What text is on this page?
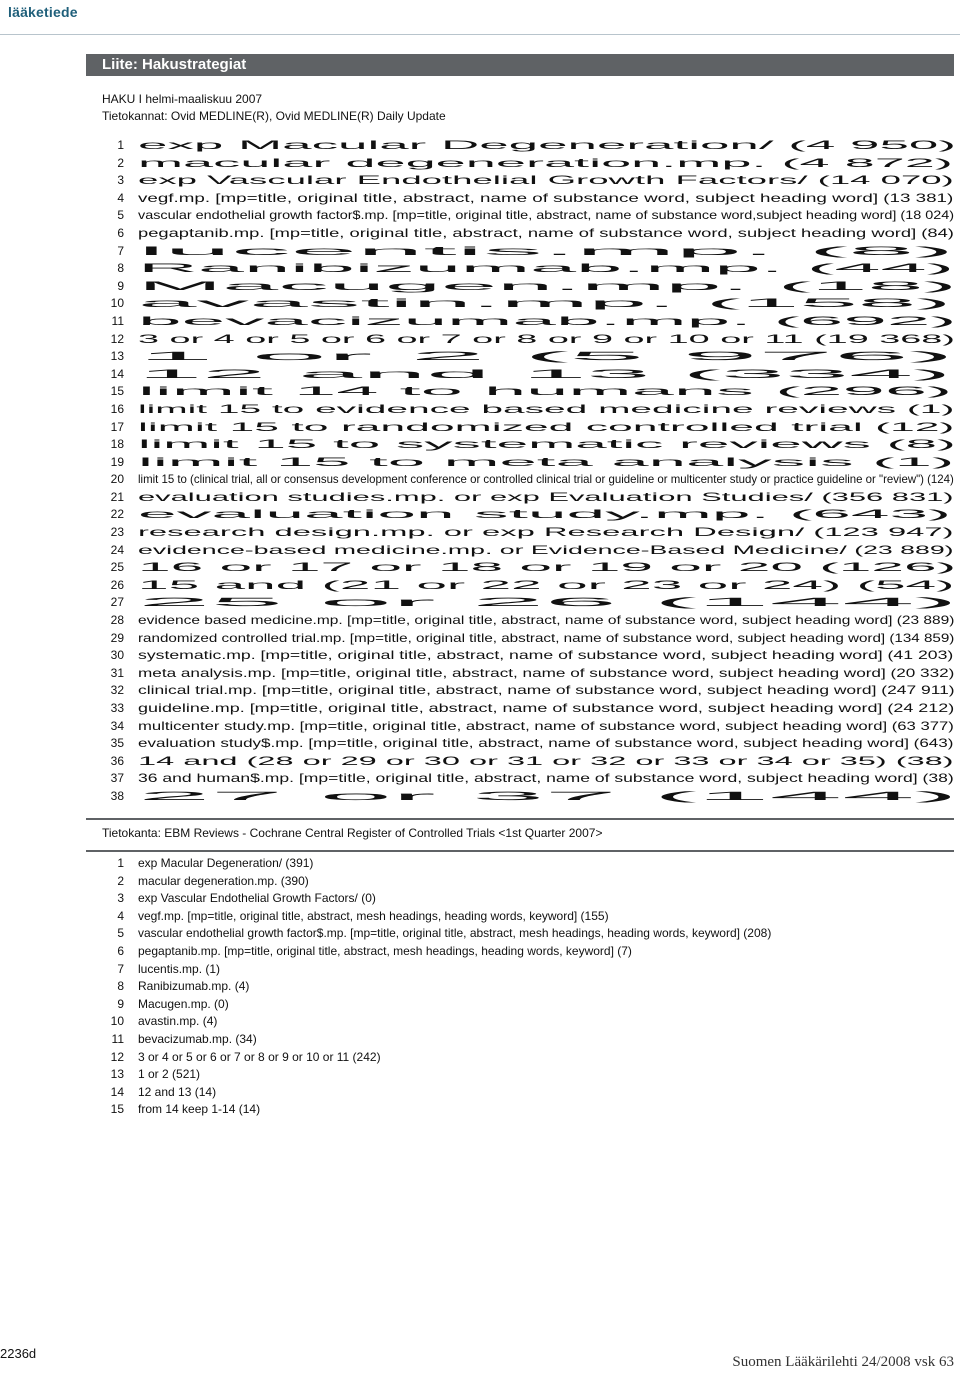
lääketiede
Liite: Hakustrategiat
HAKU I helmi-maaliskuu 2007
Tietokannat: Ovid MEDLINE(R), Ovid MEDLINE(R) Daily Update
1 exp Macular Degeneration/ (4 950)
2 macular degeneration.mp. (4 872)
3 exp Vascular Endothelial Growth Factors/ (14 070)
4 vegf.mp. [mp=title, original title, abstract, name of substance word, subject heading word] (13 381)
5 vascular endothelial growth factor$.mp. [mp=title, original title, abstract, name of substance word,subject heading word] (18 024)
6 pegaptanib.mp. [mp=title, original title, abstract, name of substance word, subject heading word] (84)
7 lucentis.mp. (8)
8 Ranibizumab.mp. (44)
9 Macugen.mp. (18)
10 avastin.mp. (158)
11 bevacizumab.mp. (692)
12 3 or 4 or 5 or 6 or 7 or 8 or 9 or 10 or 11 (19 368)
13 1 or 2 (5 976)
14 12 and 13 (334)
15 limit 14 to humans (296)
16 limit 15 to evidence based medicine reviews (1)
17 limit 15 to randomized controlled trial (12)
18 limit 15 to systematic reviews (8)
19 limit 15 to meta analysis (1)
20 limit 15 to (clinical trial, all or consensus development conference or controlled clinical trial or guideline or multicenter study or practice guideline or "review") (124)
21 evaluation studies.mp. or exp Evaluation Studies/ (356 831)
22 evaluation study.mp. (643)
23 research design.mp. or exp Research Design/ (123 947)
24 evidence-based medicine.mp. or Evidence-Based Medicine/ (23 889)
25 16 or 17 or 18 or 19 or 20 (126)
26 15 and (21 or 22 or 23 or 24) (54)
27 25 or 26 (144)
28 evidence based medicine.mp. [mp=title, original title, abstract, name of substance word, subject heading word] (23 889)
29 randomized controlled trial.mp. [mp=title, original title, abstract, name of substance word, subject heading word] (134 859)
30 systematic.mp. [mp=title, original title, abstract, name of substance word, subject heading word] (41 203)
31 meta analysis.mp. [mp=title, original title, abstract, name of substance word, subject heading word] (20 332)
32 clinical trial.mp. [mp=title, original title, abstract, name of substance word, subject heading word] (247 911)
33 guideline.mp. [mp=title, original title, abstract, name of substance word, subject heading word] (24 212)
34 multicenter study.mp. [mp=title, original title, abstract, name of substance word, subject heading word] (63 377)
35 evaluation study$.mp. [mp=title, original title, abstract, name of substance word, subject heading word] (643)
36 14 and (28 or 29 or 30 or 31 or 32 or 33 or 34 or 35) (38)
37 36 and human$.mp. [mp=title, original title, abstract, name of substance word, subject heading word] (38)
38 27 or 37 (144)
Tietokanta: EBM Reviews - Cochrane Central Register of Controlled Trials <1st Quarter 2007>
1 exp Macular Degeneration/ (391)
2 macular degeneration.mp. (390)
3 exp Vascular Endothelial Growth Factors/ (0)
4 vegf.mp. [mp=title, original title, abstract, mesh headings, heading words, keyword] (155)
5 vascular endothelial growth factor$.mp. [mp=title, original title, abstract, mesh headings, heading words, keyword] (208)
6 pegaptanib.mp. [mp=title, original title, abstract, mesh headings, heading words, keyword] (7)
7 lucentis.mp. (1)
8 Ranibizumab.mp. (4)
9 Macugen.mp. (0)
10 avastin.mp. (4)
11 bevacizumab.mp. (34)
12 3 or 4 or 5 or 6 or 7 or 8 or 9 or 10 or 11 (242)
13 1 or 2 (521)
14 12 and 13 (14)
15 from 14 keep 1-14 (14)
2236d
Suomen Lääkärilehti 24/2008 vsk 63
